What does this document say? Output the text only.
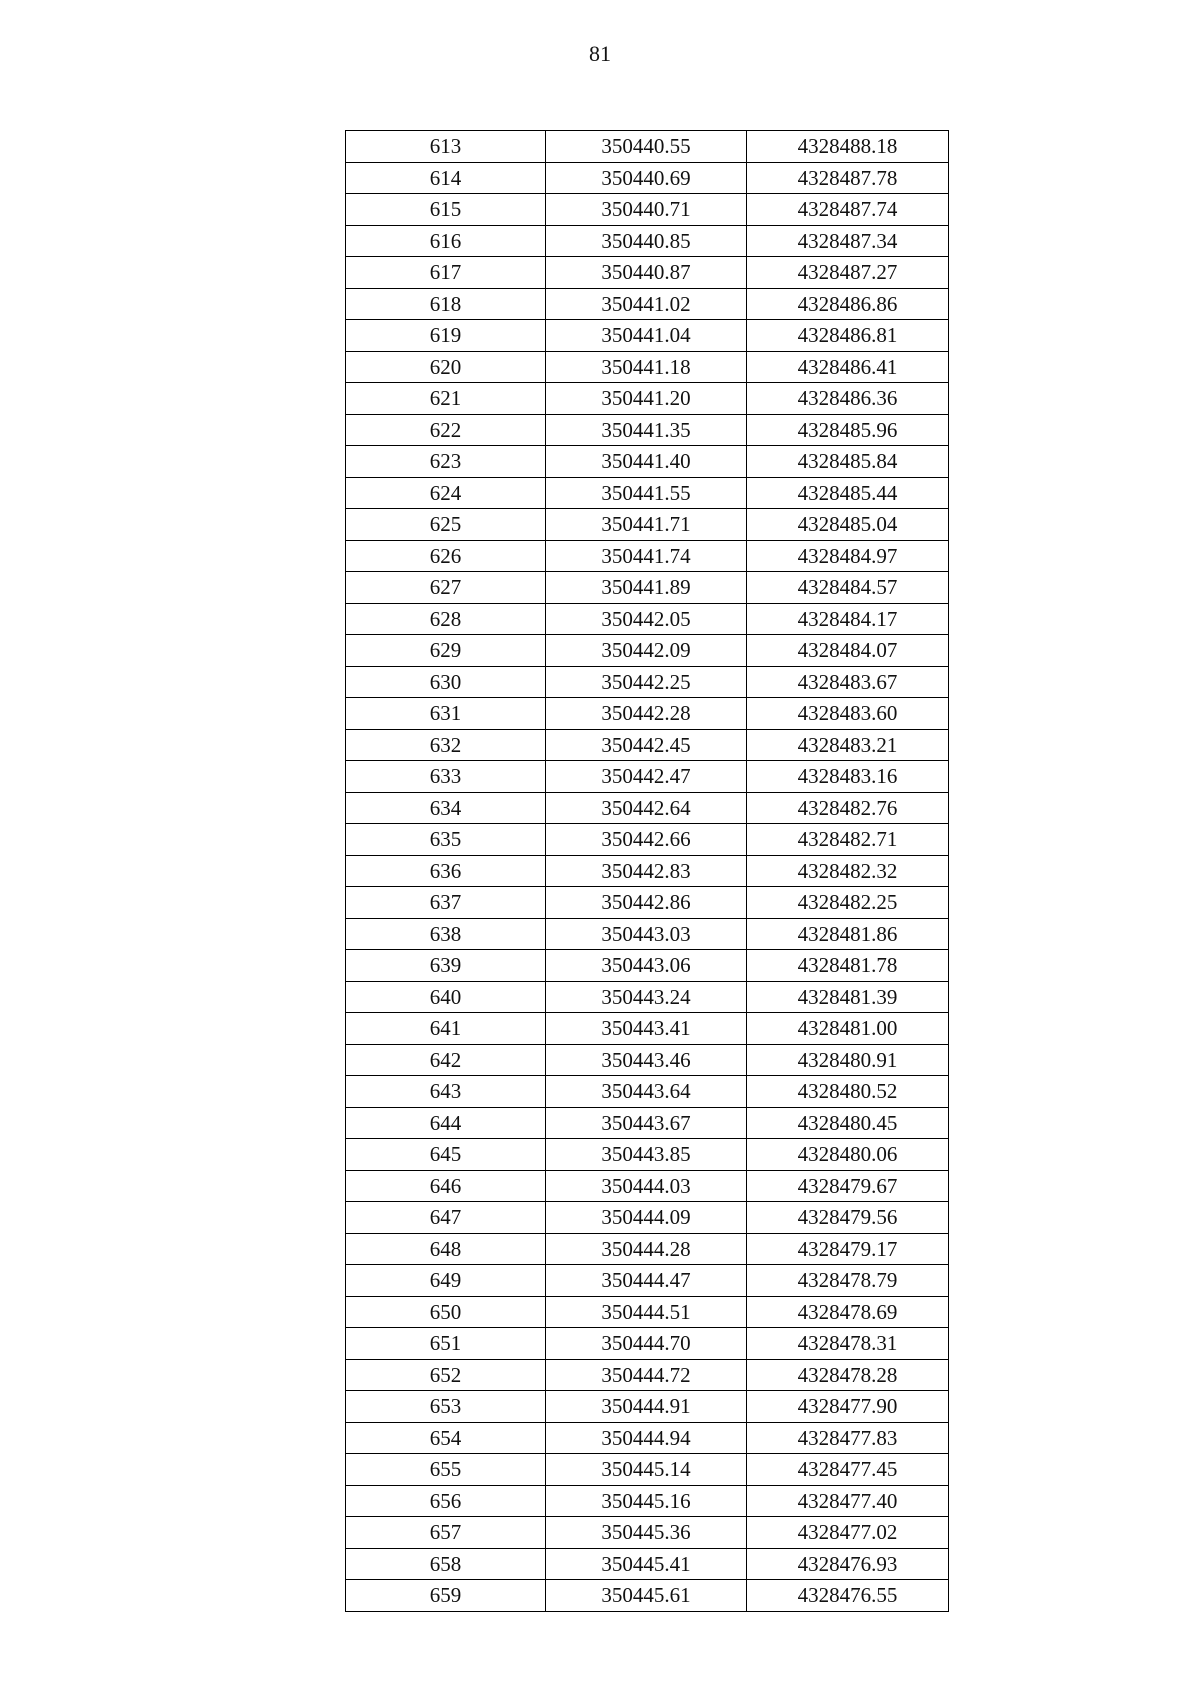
81
613	350440.55	4328488.18
614	350440.69	4328487.78
615	350440.71	4328487.74
616	350440.85	4328487.34
617	350440.87	4328487.27
618	350441.02	4328486.86
619	350441.04	4328486.81
620	350441.18	4328486.41
621	350441.20	4328486.36
622	350441.35	4328485.96
623	350441.40	4328485.84
624	350441.55	4328485.44
625	350441.71	4328485.04
626	350441.74	4328484.97
627	350441.89	4328484.57
628	350442.05	4328484.17
629	350442.09	4328484.07
630	350442.25	4328483.67
631	350442.28	4328483.60
632	350442.45	4328483.21
633	350442.47	4328483.16
634	350442.64	4328482.76
635	350442.66	4328482.71
636	350442.83	4328482.32
637	350442.86	4328482.25
638	350443.03	4328481.86
639	350443.06	4328481.78
640	350443.24	4328481.39
641	350443.41	4328481.00
642	350443.46	4328480.91
643	350443.64	4328480.52
644	350443.67	4328480.45
645	350443.85	4328480.06
646	350444.03	4328479.67
647	350444.09	4328479.56
648	350444.28	4328479.17
649	350444.47	4328478.79
650	350444.51	4328478.69
651	350444.70	4328478.31
652	350444.72	4328478.28
653	350444.91	4328477.90
654	350444.94	4328477.83
655	350445.14	4328477.45
656	350445.16	4328477.40
657	350445.36	4328477.02
658	350445.41	4328476.93
659	350445.61	4328476.55
